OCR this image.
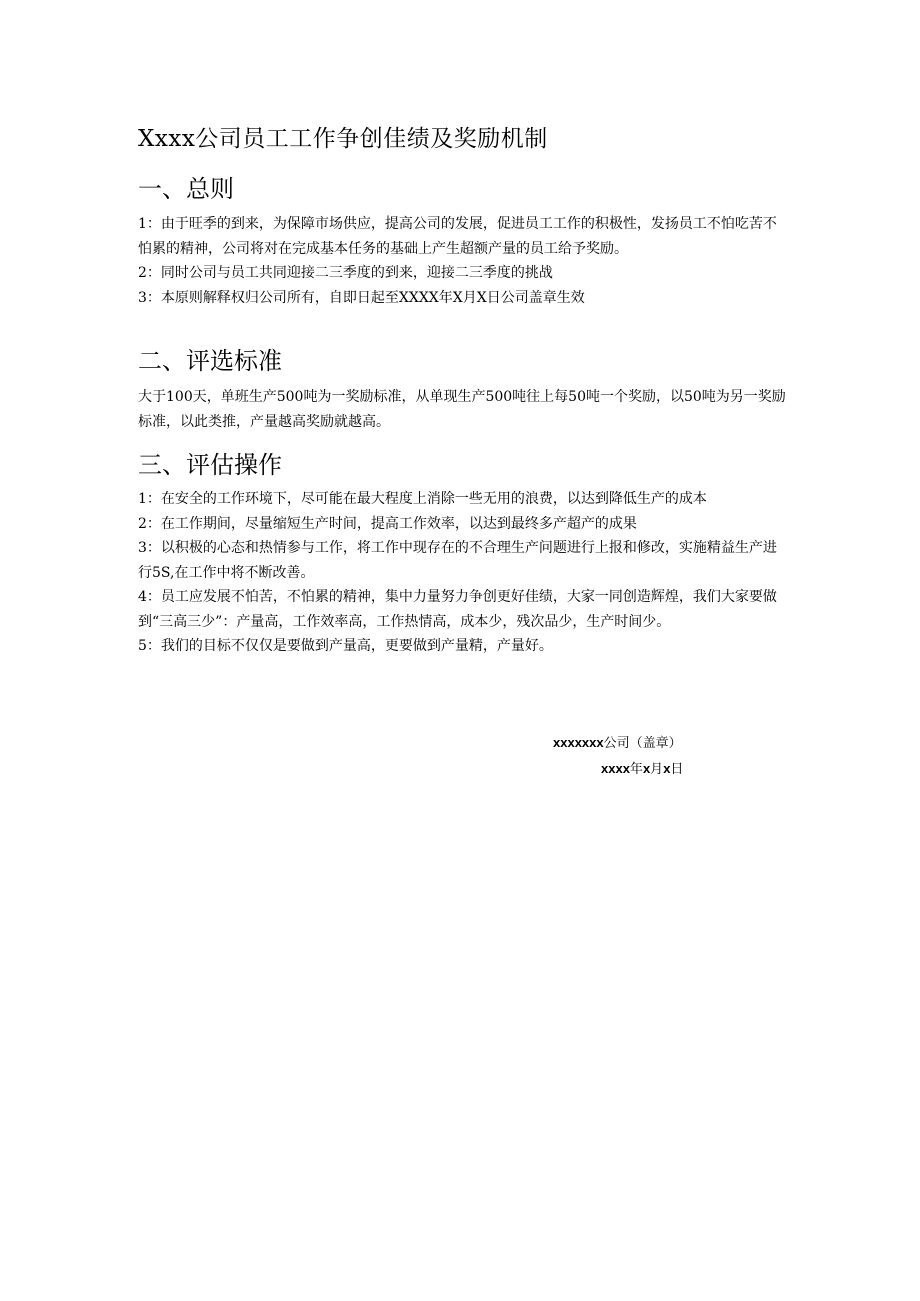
Xxxx公司员工工作争创佳绩及奖励机制
一、总则

1：由于旺季的到来，为保障市场供应，提高公司的发展，促进员工工作的积极性，发扬员工不怕吃苦不怕累的精神，公司将对在完成基本任务的基础上产生超额产量的员工给予奖励。

2：同时公司与员工共同迎接二三季度的到来，迎接二三季度的挑战

3：本原则解释权归公司所有，自即日起至XXXX年X月X日公司盖章生效

二、评选标准

大于100天，单班生产500吨为一奖励标准，从单现生产500吨往上每50吨一个奖励，以50吨为另一奖励标准，以此类推，产量越高奖励就越高。

三、评估操作

1：在安全的工作环境下，尽可能在最大程度上消除一些无用的浪费，以达到降低生产的成本

2：在工作期间，尽量缩短生产时间，提高工作效率，以达到最终多产超产的成果

3：以积极的心态和热情参与工作，将工作中现存在的不合理生产问题进行上报和修改，实施精益生产进行5S,在工作中将不断改善。

4：员工应发展不怕苦，不怕累的精神，集中力量努力争创更好佳绩，大家一同创造辉煌，我们大家要做到“三高三少”：产量高，工作效率高，工作热情高，成本少，残次品少，生产时间少。

5：我们的目标不仅仅是要做到产量高，更要做到产量精，产量好。

xxxxxxx公司（盖章）
xxxx年x月x日
